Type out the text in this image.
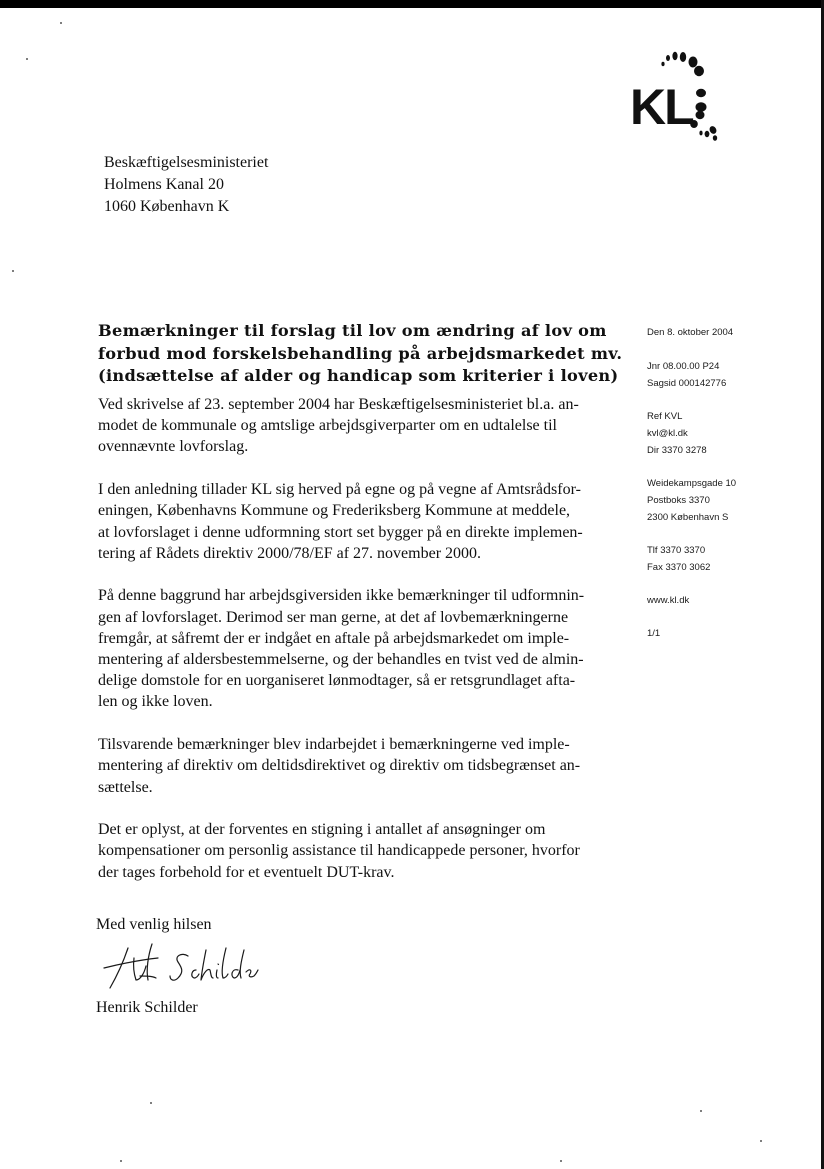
KL
Beskæftigelsesministeriet
Holmens Kanal 20
1060 København K
Bemærkninger til forslag til lov om ændring af lov om
forbud mod forskelsbehandling på arbejdsmarkedet mv.
(indsættelse af alder og handicap som kriterier i loven)
Ved skrivelse af 23. september 2004 har Beskæftigelsesministeriet bl.a. an-
modet de kommunale og amtslige arbejdsgiverparter om en udtalelse til
ovennævnte lovforslag.
I den anledning tillader KL sig herved på egne og på vegne af Amtsrådsfor-
eningen, Københavns Kommune og Frederiksberg Kommune at meddele,
at lovforslaget i denne udformning stort set bygger på en direkte implemen-
tering af Rådets direktiv 2000/78/EF af 27. november 2000.
På denne baggrund har arbejdsgiversiden ikke bemærkninger til udformnin-
gen af lovforslaget. Derimod ser man gerne, at det af lovbemærkningerne
fremgår, at såfremt der er indgået en aftale på arbejdsmarkedet om imple-
mentering af aldersbestemmelserne, og der behandles en tvist ved de almin-
delige domstole for en uorganiseret lønmodtager, så er retsgrundlaget afta-
len og ikke loven.
Tilsvarende bemærkninger blev indarbejdet i bemærkningerne ved imple-
mentering af direktiv om deltidsdirektivet og direktiv om tidsbegrænset an-
sættelse.
Det er oplyst, at der forventes en stigning i antallet af ansøgninger om
kompensationer om personlig assistance til handicappede personer, hvorfor
der tages forbehold for et eventuelt DUT-krav.
Med venlig hilsen
Henrik Schilder
Den 8. oktober 2004
Jnr 08.00.00 P24
Sagsid 000142776
Ref KVL
kvl@kl.dk
Dir 3370 3278
Weidekampsgade 10
Postboks 3370
2300 København S
Tlf 3370 3370
Fax 3370 3062
www.kl.dk
1/1
